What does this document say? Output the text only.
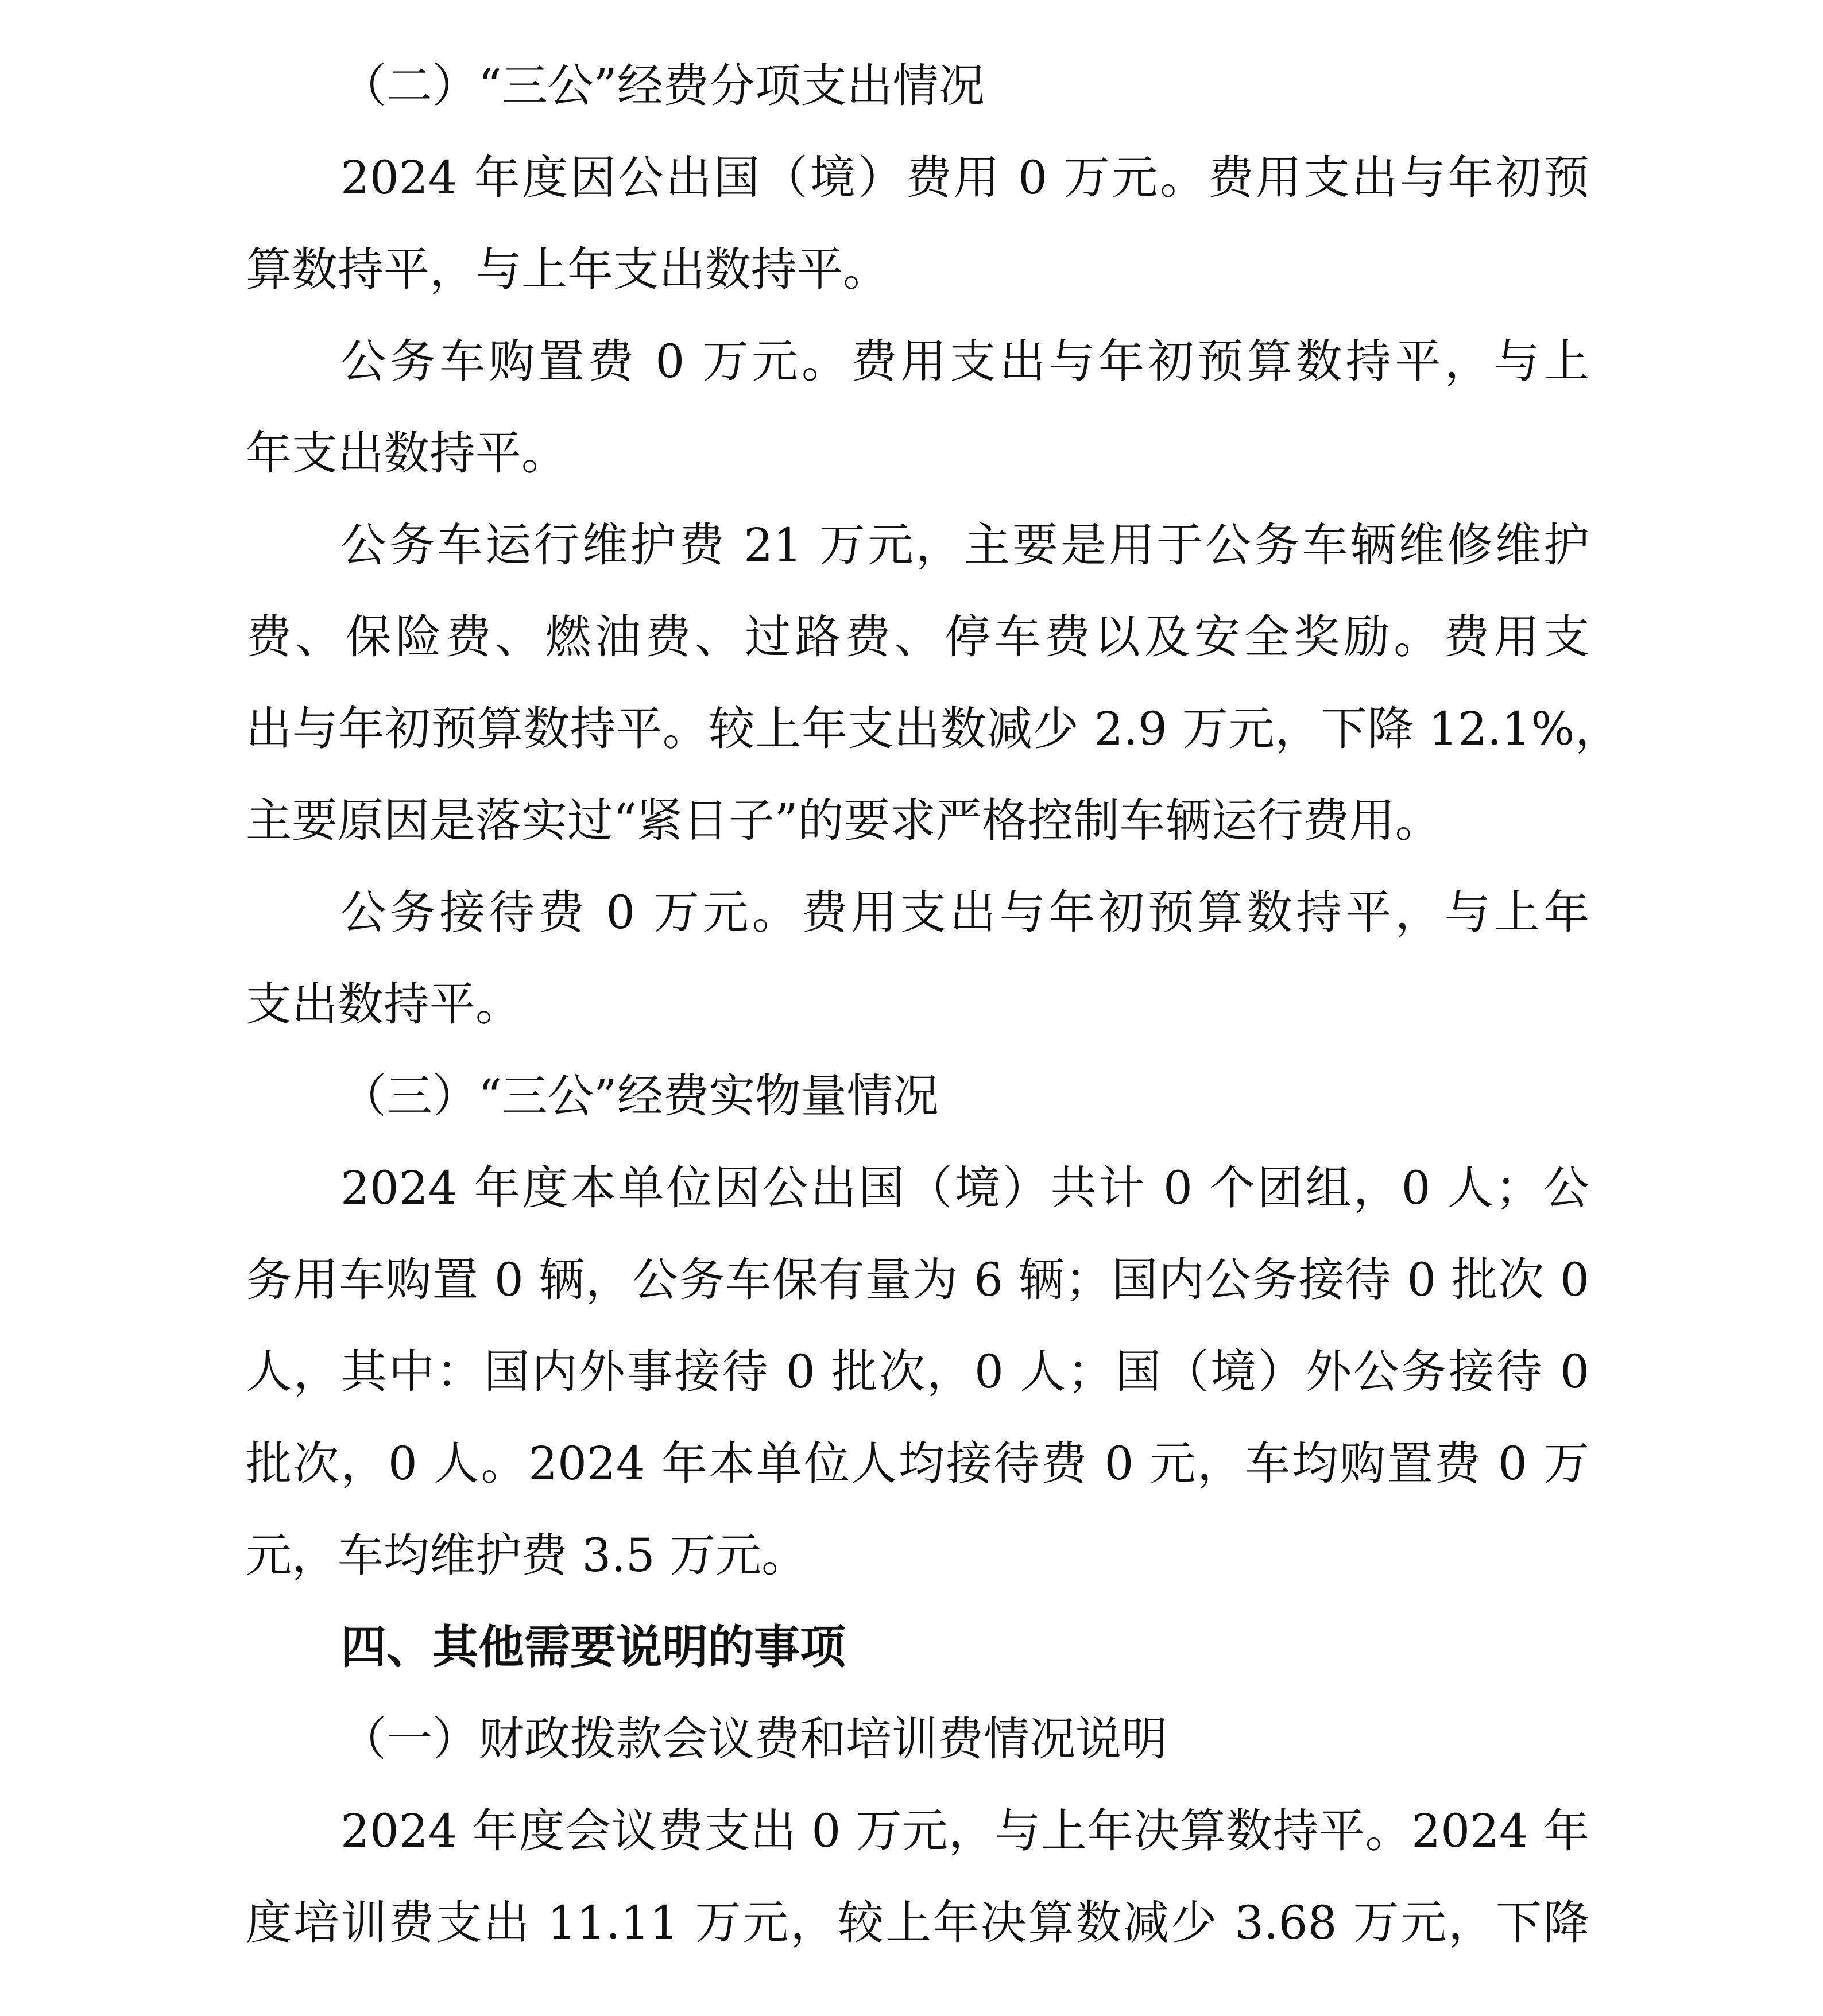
（二）“三公”经费分项支出情况
2024 年度因公出国（境）费用 0 万元。费用支出与年初预
算数持平，与上年支出数持平。
公务车购置费 0 万元。费用支出与年初预算数持平，与上
年支出数持平。
公务车运行维护费 21 万元，主要是用于公务车辆维修维护
费、保险费、燃油费、过路费、停车费以及安全奖励。费用支
出与年初预算数持平。较上年支出数减少 2.9 万元，下降 12.1%，
主要原因是落实过“紧日子”的要求严格控制车辆运行费用。
公务接待费 0 万元。费用支出与年初预算数持平，与上年
支出数持平。
（三）“三公”经费实物量情况
2024 年度本单位因公出国（境）共计 0 个团组，0 人；公
务用车购置 0 辆，公务车保有量为 6 辆；国内公务接待 0 批次 0
人，其中：国内外事接待 0 批次，0 人；国（境）外公务接待 0
批次，0 人。2024 年本单位人均接待费 0 元，车均购置费 0 万
元，车均维护费 3.5 万元。
四、其他需要说明的事项
（一）财政拨款会议费和培训费情况说明
2024 年度会议费支出 0 万元，与上年决算数持平。2024 年
度培训费支出 11.11 万元，较上年决算数减少 3.68 万元，下降
